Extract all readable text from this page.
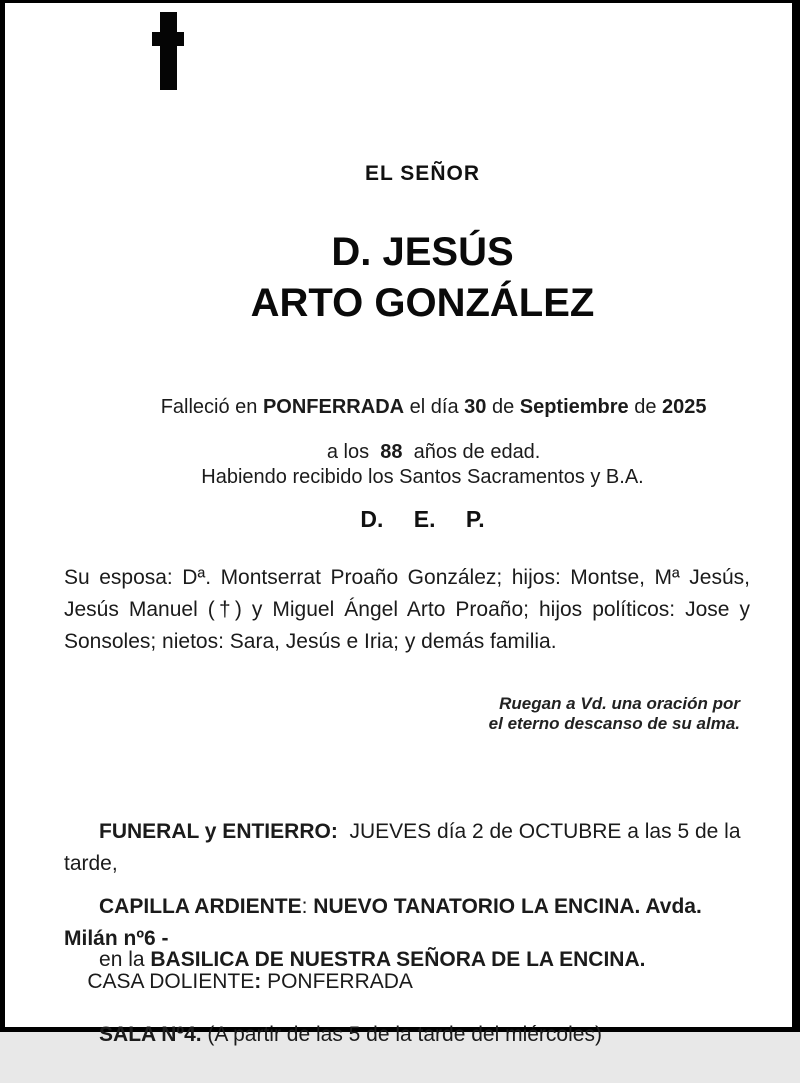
EL SEÑOR
D. JESÚS
ARTO GONZÁLEZ

Falleció en PONFERRADA el día 30 de Septiembre de 2025

a los  88  años de edad.

Habiendo recibido los Santos Sacramentos y B.A.
D. E. P.
Su esposa: Dª. Montserrat Proaño González; hijos: Montse, Mª Jesús, Jesús Manuel (†) y Miguel Ángel Arto Proaño; hijos políticos: Jose y Sonsoles; nietos: Sara, Jesús e Iria; y demás familia.
Ruegan a Vd. una oración por
el eterno descanso de su alma.

FUNERAL y ENTIERRO:  JUEVES día 2 de OCTUBRE a las 5 de la tarde,

en la BASILICA DE NUESTRA SEÑORA DE LA ENCINA.

CAPILLA ARDIENTE: NUEVO TANATORIO LA ENCINA. Avda. Milán nº6 -

SALA Nº4. (A partir de las 5 de la tarde del miércoles)

CASA DOLIENTE: PONFERRADA
